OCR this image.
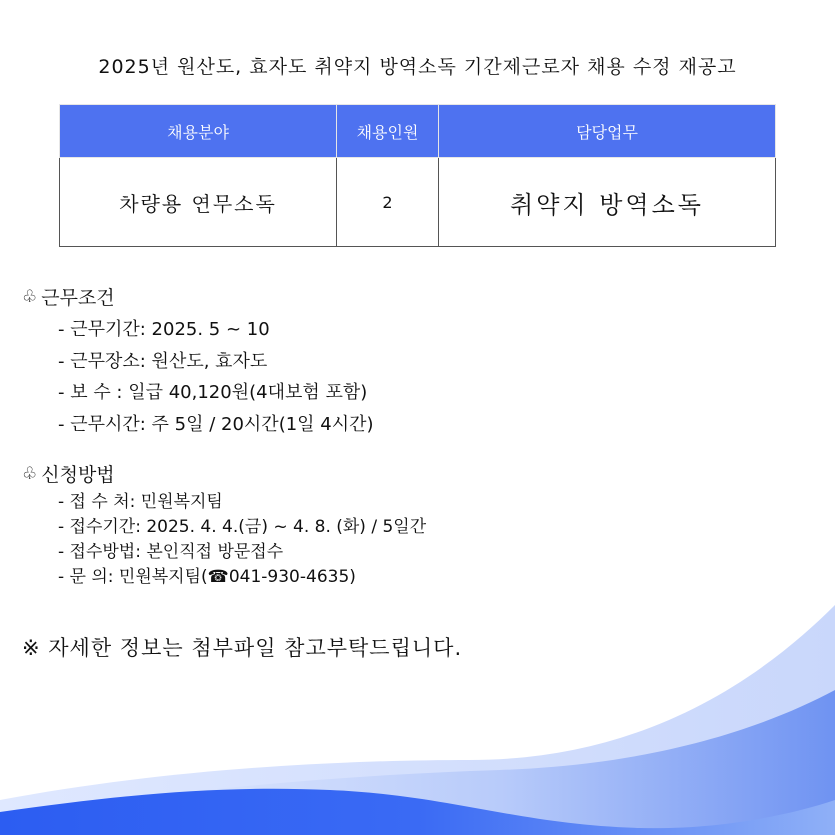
2025년 원산도, 효자도 취약지 방역소독 기간제근로자 채용 수정 재공고
채용분야	채용인원	담당업무
차량용 연무소독	2	취약지 방역소독
♧ 근무조건
- 근무기간: 2025. 5 ~ 10
- 근무장소: 원산도, 효자도
- 보 수 : 일급 40,120원(4대보험 포함)
- 근무시간: 주 5일 / 20시간(1일 4시간)
♧ 신청방법
- 접 수 처: 민원복지팀
- 접수기간: 2025. 4. 4.(금) ~ 4. 8. (화) / 5일간
- 접수방법: 본인직접 방문접수
- 문 의: 민원복지팀(☎041-930-4635)
※ 자세한 정보는 첨부파일 참고부탁드립니다.
